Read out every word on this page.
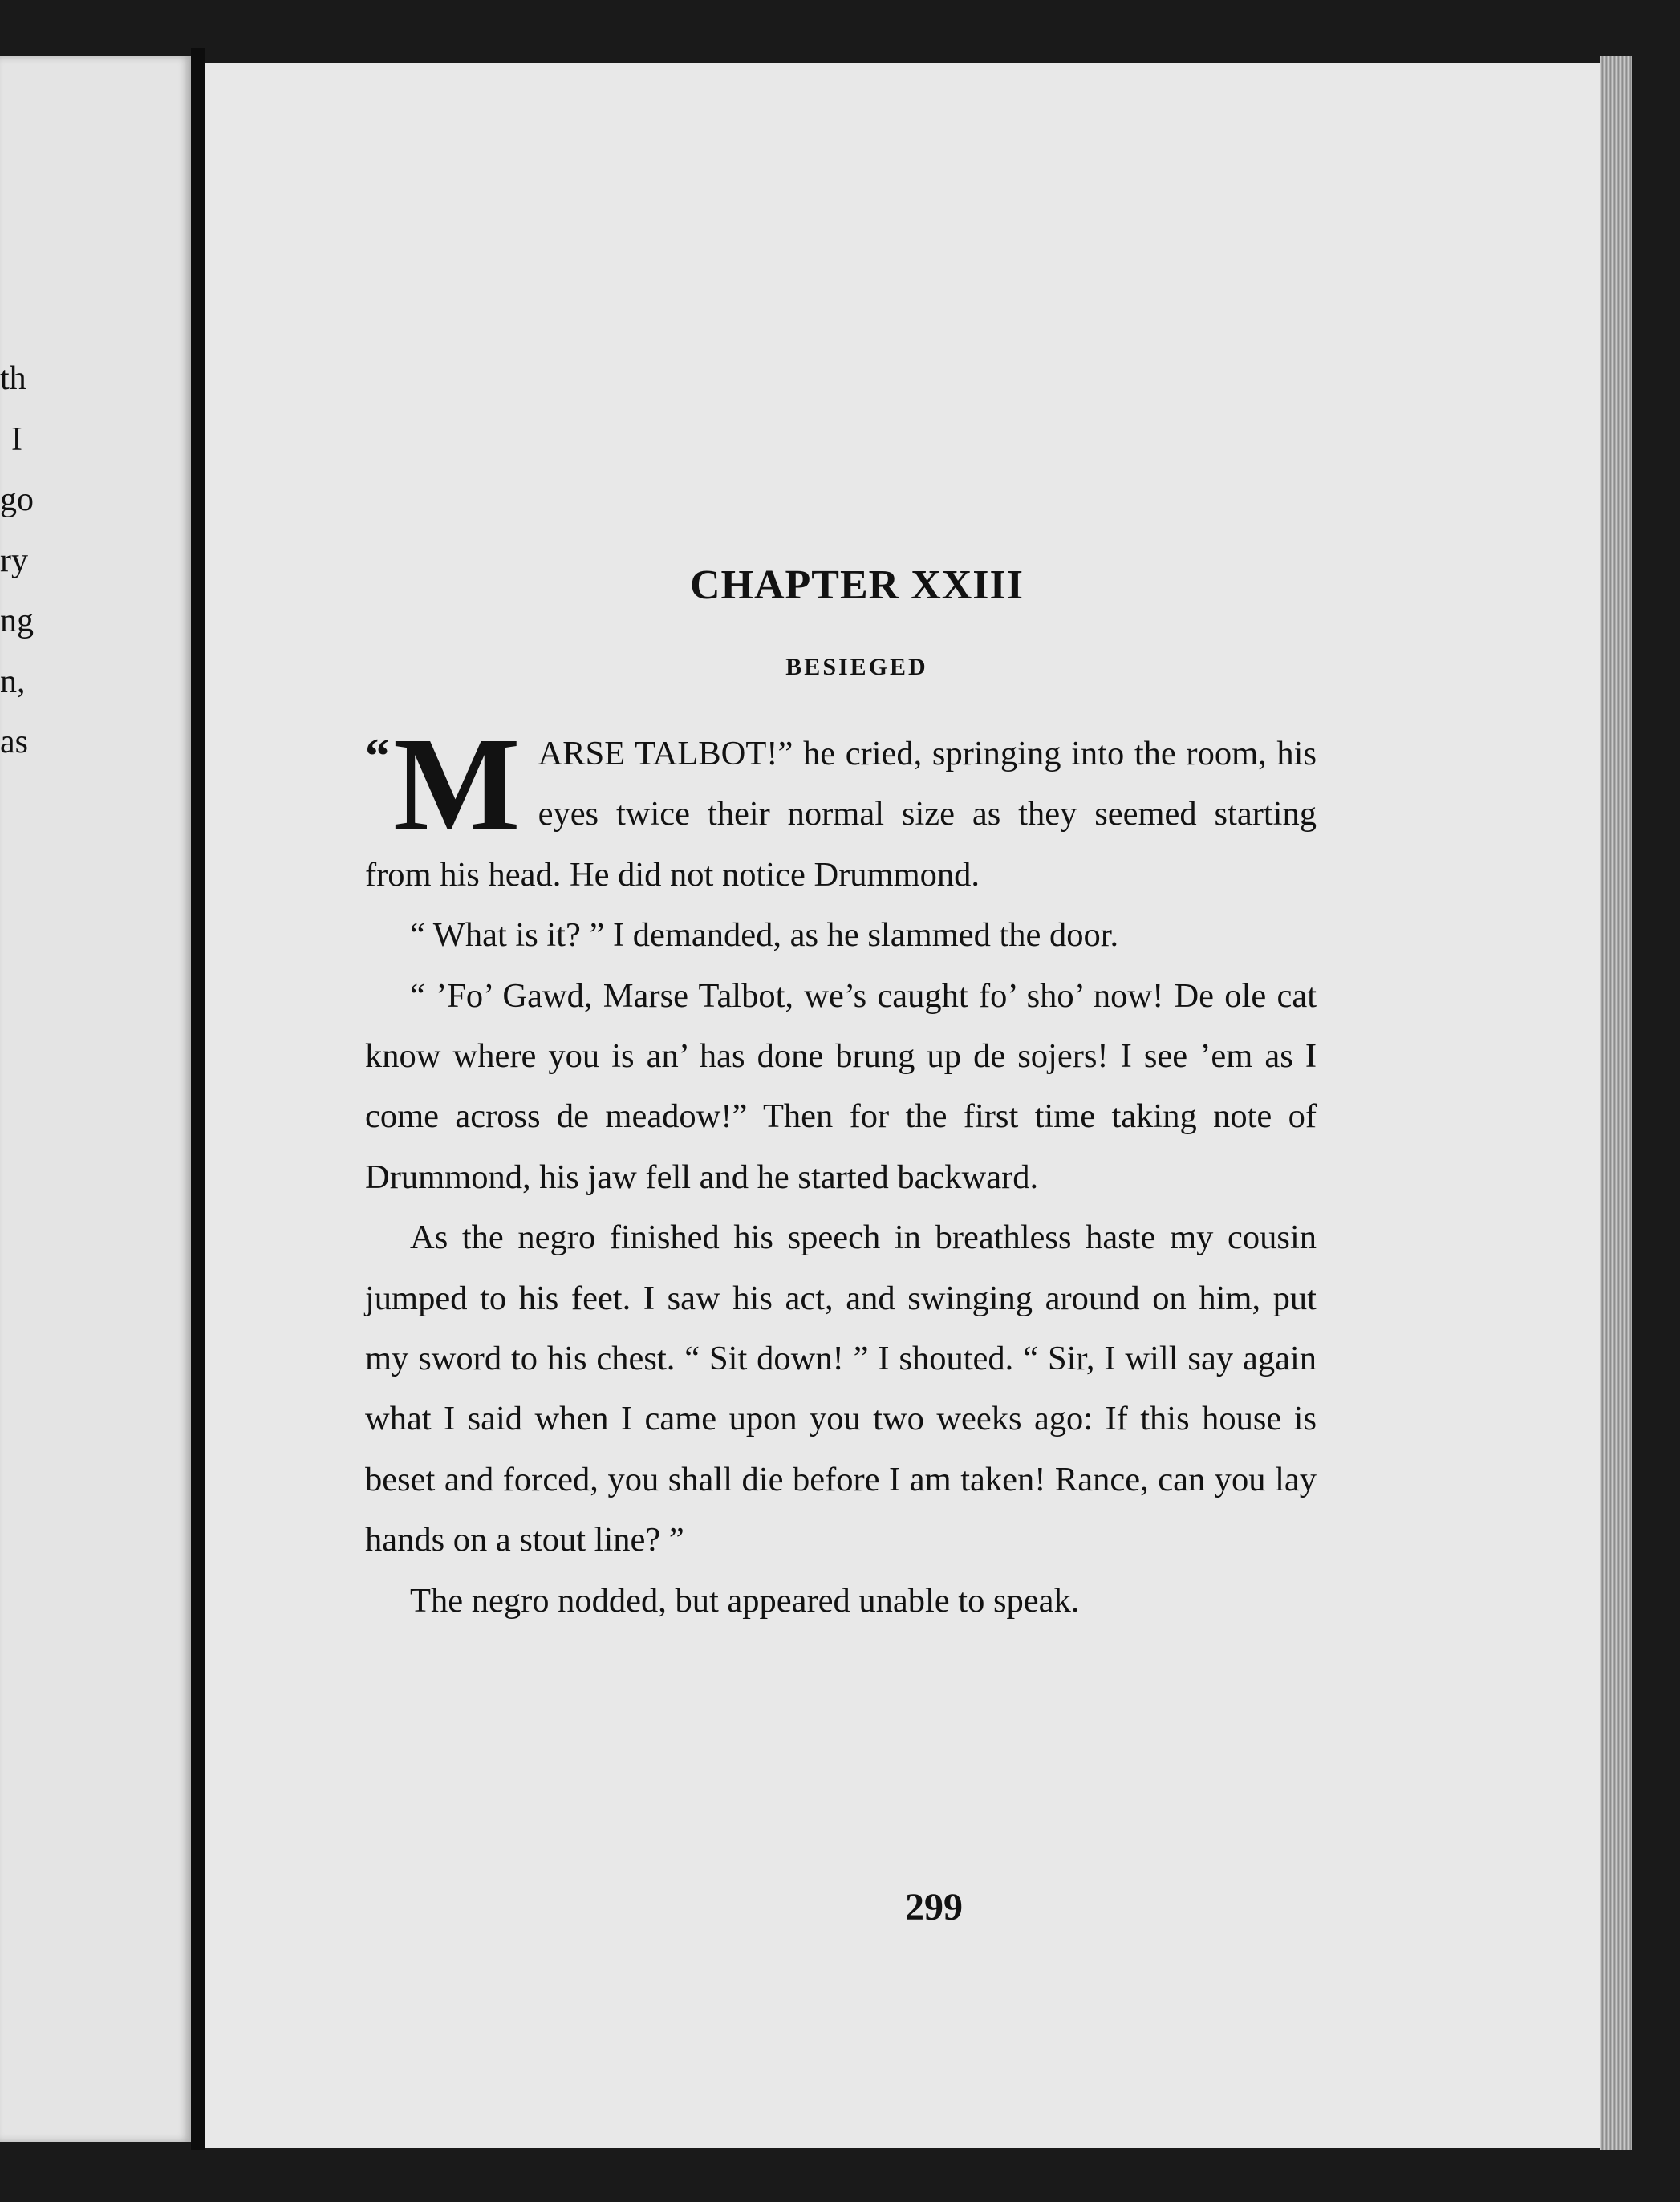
th
I
go
ry
ng
n,
as
CHAPTER XXIII
BESIEGED

“ M ARSE TALBOT!” he cried, springing into the room, his eyes twice their normal size as they seemed starting from his head. He did not notice Drummond.

“ What is it? ” I demanded, as he slammed the door.

“ ’Fo’ Gawd, Marse Talbot, we’s caught fo’ sho’ now! De ole cat know where you is an’ has done brung up de sojers! I see ’em as I come across de meadow!” Then for the first time taking note of Drummond, his jaw fell and he started backward.

As the negro finished his speech in breathless haste my cousin jumped to his feet. I saw his act, and swinging around on him, put my sword to his chest. “ Sit down! ” I shouted. “ Sir, I will say again what I said when I came upon you two weeks ago: If this house is beset and forced, you shall die before I am taken! Rance, can you lay hands on a stout line? ”

The negro nodded, but appeared unable to speak.

299
